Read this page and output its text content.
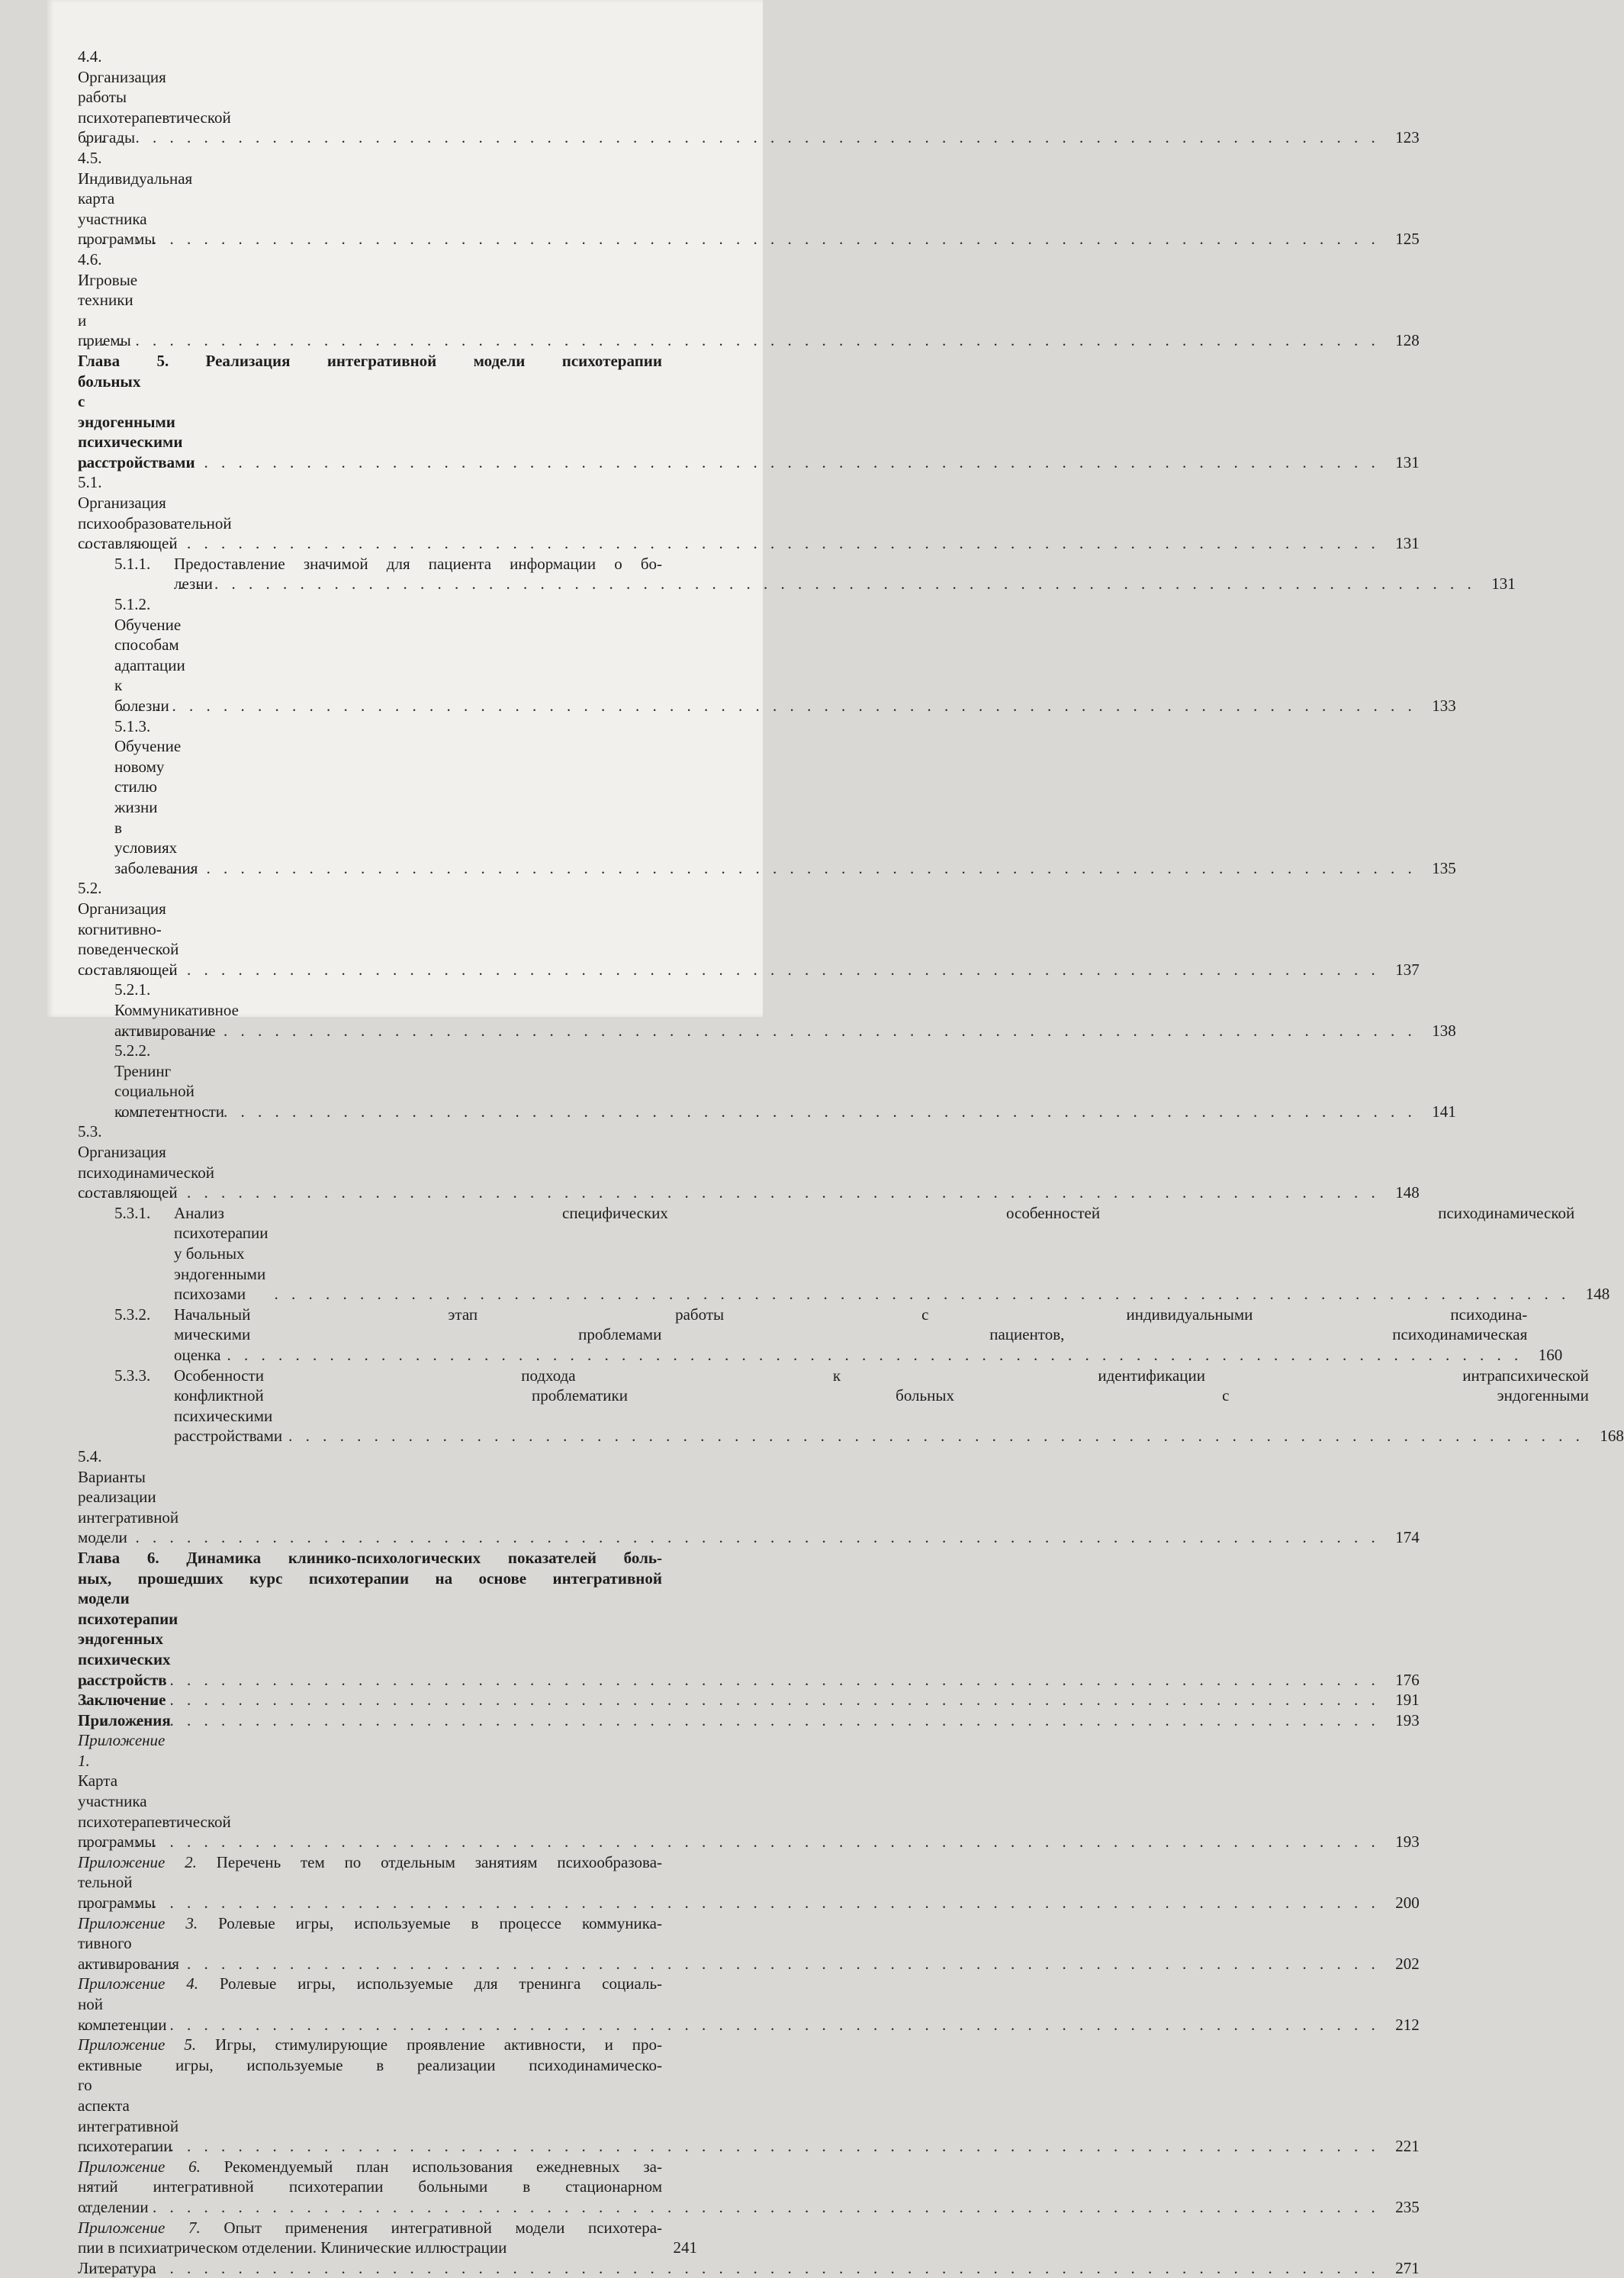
4.4.Организация работы психотерапевтической бригады . . .	123
4.5.Индивидуальная карта участника программы . . .	125
4.6.Игровые техники и приемы . . .	128
Глава 5. Реализация интегративной модели психотерапии
больных с эндогенными психическими расстройствами . . .	131
5.1.Организация психообразовательной составляющей . . .	131
5.1.1.	Предоставление значимой для пациента информации о бо-
лезни . . .	131
5.1.2.Обучение способам адаптации к болезни . . .	133
5.1.3.Обучение новому стилю жизни в условиях заболевания . . .	135
5.2.Организация когнитивно-поведенческой составляющей . . .	137
5.2.1.Коммуникативное активирование . . .	138
5.2.2.Тренинг социальной компетентности . . .	141
5.3.Организация психодинамической составляющей . . .	148
5.3.1.	Анализ специфических особенностей психодинамической
психотерапии у больных эндогенными психозами . . .	148
5.3.2.	Начальный этап работы с индивидуальными психодина-
мическими проблемами пациентов, психодинамическая
оценка . . .	160
5.3.3.	Особенности подхода к идентификации интрапсихической
конфликтной проблематики больных с эндогенными
психическими расстройствами . . .	168
5.4.Варианты реализации интегративной модели . . .	174
Глава 6. Динамика клинико-психологических показателей боль-
ных, прошедших курс психотерапии на основе интегративной
модели психотерапии эндогенных психических расстройств . . .	176
Заключение . . .	191
Приложения . . .	193
Приложение 1. Карта участника психотерапевтической программы . . .	193
Приложение 2. Перечень тем по отдельным занятиям психообразова-
тельной программы . . .	200
Приложение 3. Ролевые игры, используемые в процессе коммуника-
тивного активирования . . .	202
Приложение 4. Ролевые игры, используемые для тренинга социаль-
ной компетенции . . .	212
Приложение 5. Игры, стимулирующие проявление активности, и про-
ективные игры, используемые в реализации психодинамическо-
го аспекта интегративной психотерапии . . .	221
Приложение 6. Рекомендуемый план использования ежедневных за-
нятий интегративной психотерапии больными в стационарном
отделении . . .	235
Приложение 7. Опыт применения интегративной модели психотера-
пии в психиатрическом отделении. Клинические иллюстрации	241
Литература . . .	271
